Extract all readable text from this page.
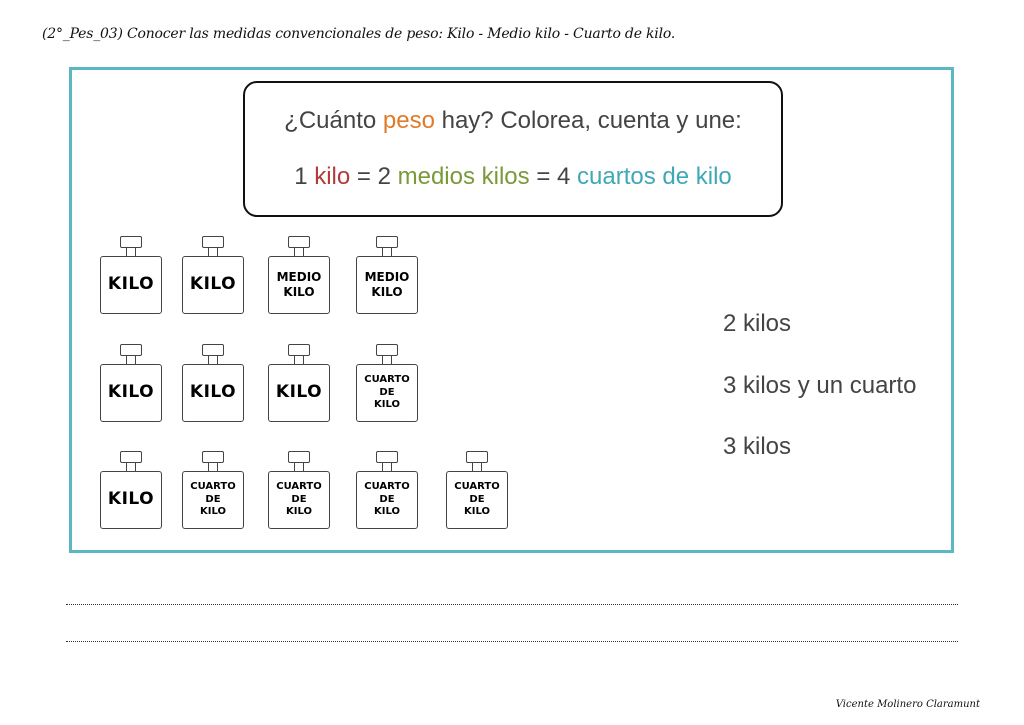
(2°_Pes_03) Conocer las medidas convencionales de peso: Kilo - Medio kilo - Cuarto de kilo.
¿Cuánto peso hay? Colorea, cuenta y une:
1 kilo = 2 medios kilos = 4 cuartos de kilo
KILO KILO	MEDIO
KILO
MEDIO
KILO
KILO KILO KILO
CUARTO
DE
KILO
KILO
CUARTO
DE
KILO
CUARTO
DE
KILO
CUARTO
DE
KILO
CUARTO
DE
KILO
2 kilos
3 kilos y un cuarto
3 kilos
Vicente Molinero Claramunt
